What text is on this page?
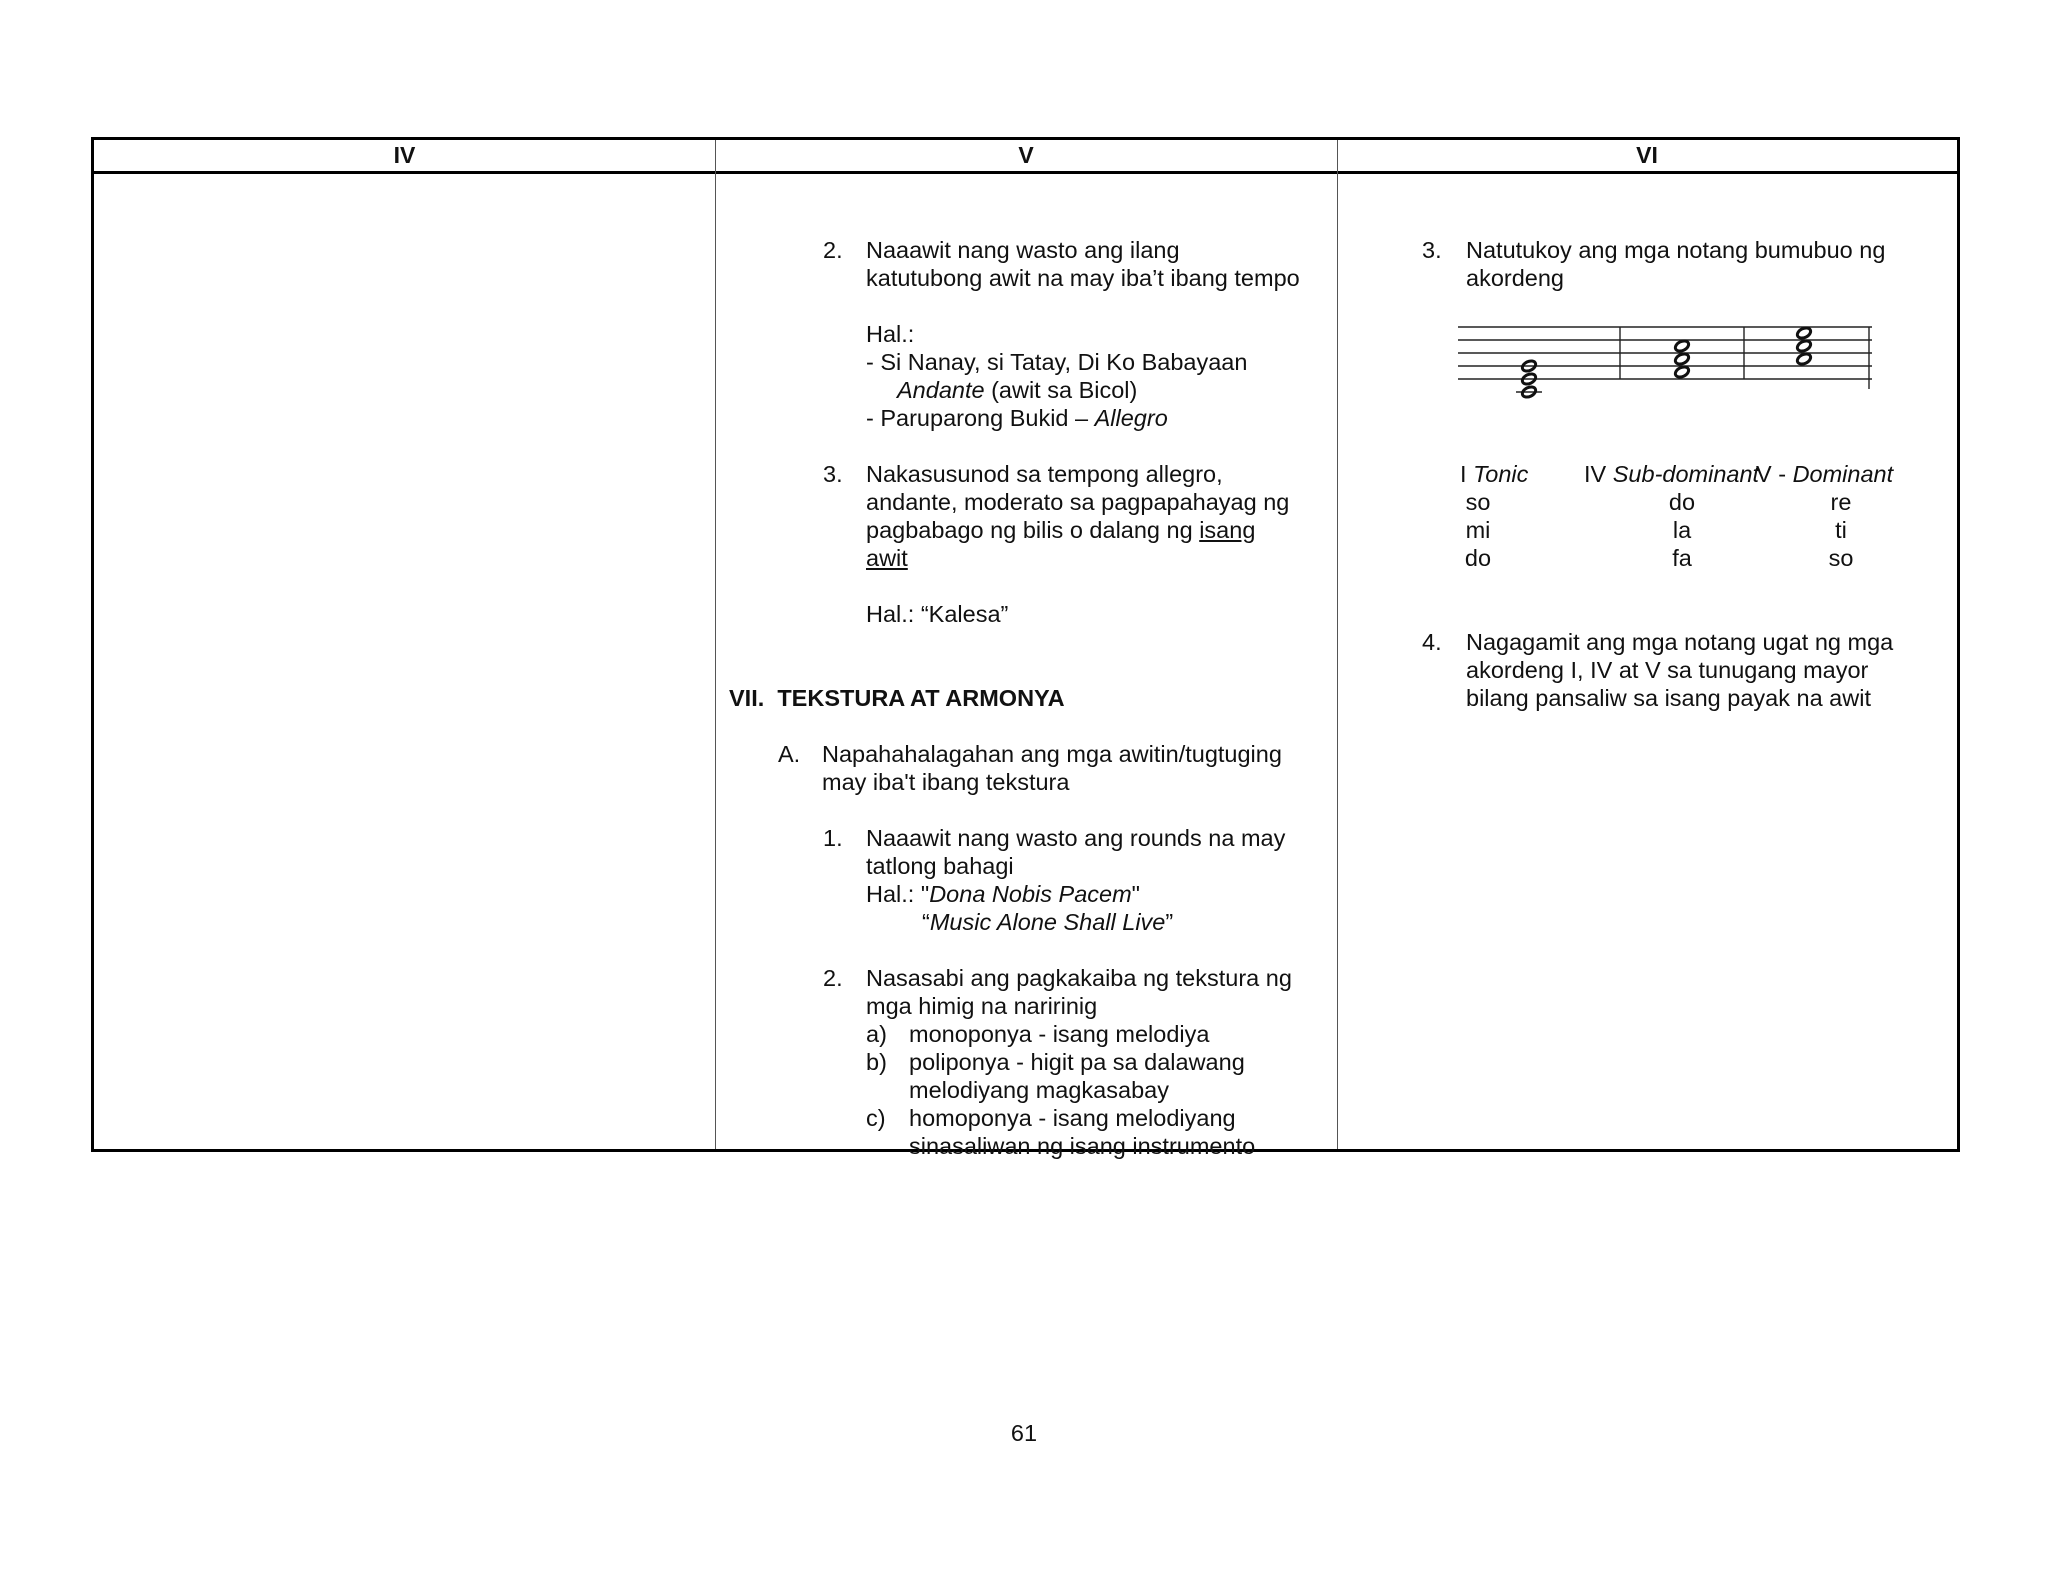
IV	V	VI
2. Naaawit nang wasto ang ilang
katutubong awit na may iba’t ibang tempo
Hal.:
- Si Nanay, si Tatay, Di Ko Babayaan
Andante (awit sa Bicol)
- Paruparong Bukid – Allegro
3. Nakasusunod sa tempong allegro,
andante, moderato sa pagpapahayag ng
pagbabago ng bilis o dalang ng isang
awit
Hal.: “Kalesa”
VII.  TEKSTURA AT ARMONYA
A. Napahahalagahan ang mga awitin/tugtuging
may iba't ibang tekstura
1. Naaawit nang wasto ang rounds na may
tatlong bahagi
Hal.: "Dona Nobis Pacem"
“Music Alone Shall Live”
2. Nasasabi ang pagkakaiba ng tekstura ng
mga himig na naririnig
a) monoponya - isang melodiya
b) poliponya - higit pa sa dalawang
melodiyang magkasabay
c) homoponya - isang melodiyang
sinasaliwan ng isang instrumento
3. Natutukoy ang mga notang bumubuo ng
akordeng
I Tonic IV Sub-dominant
V - Dominant
so
mi
do
do
la
fa
re
ti
so
4. Nagagamit ang mga notang ugat ng mga
akordeng I, IV at V sa tunugang mayor
bilang pansaliw sa isang payak na awit
61
